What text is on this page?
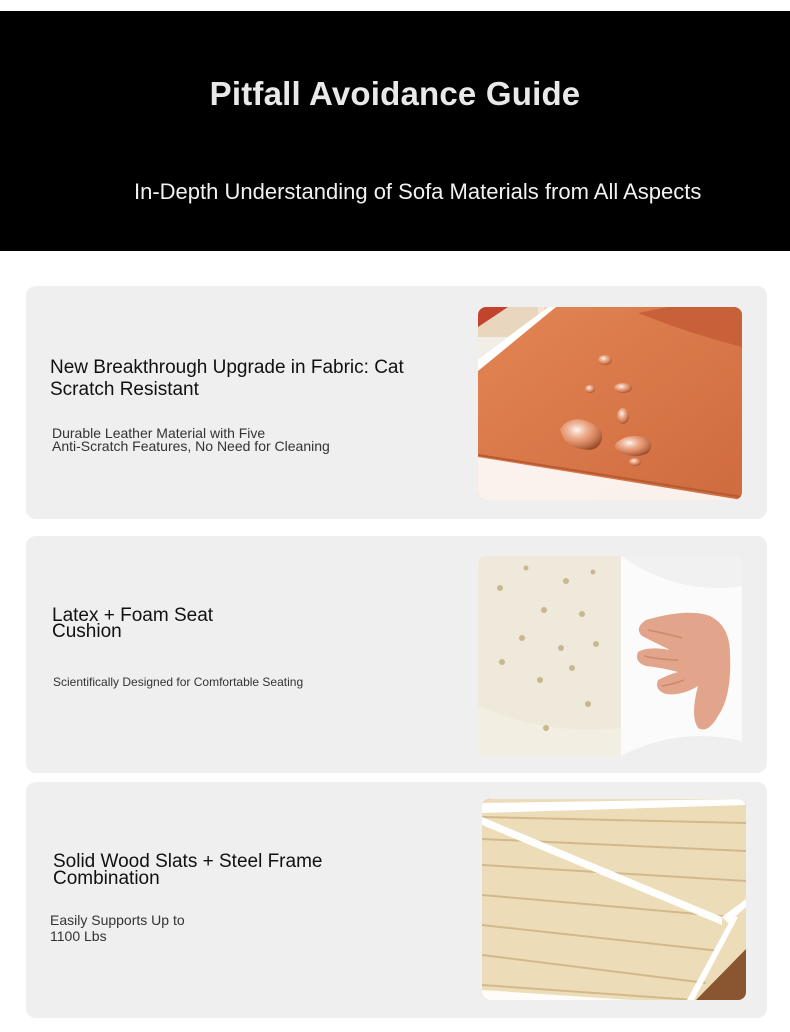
Pitfall Avoidance Guide

In-Depth Understanding of Sofa Materials from All Aspects

New Breakthrough Upgrade in Fabric: Cat
Scratch Resistant
Durable Leather Material with Five
Anti-Scratch Features, No Need for Cleaning
Latex + Foam Seat
Cushion
Scientifically Designed for Comfortable Seating
Solid Wood Slats + Steel Frame
Combination
Easily Supports Up to
1100 Lbs
